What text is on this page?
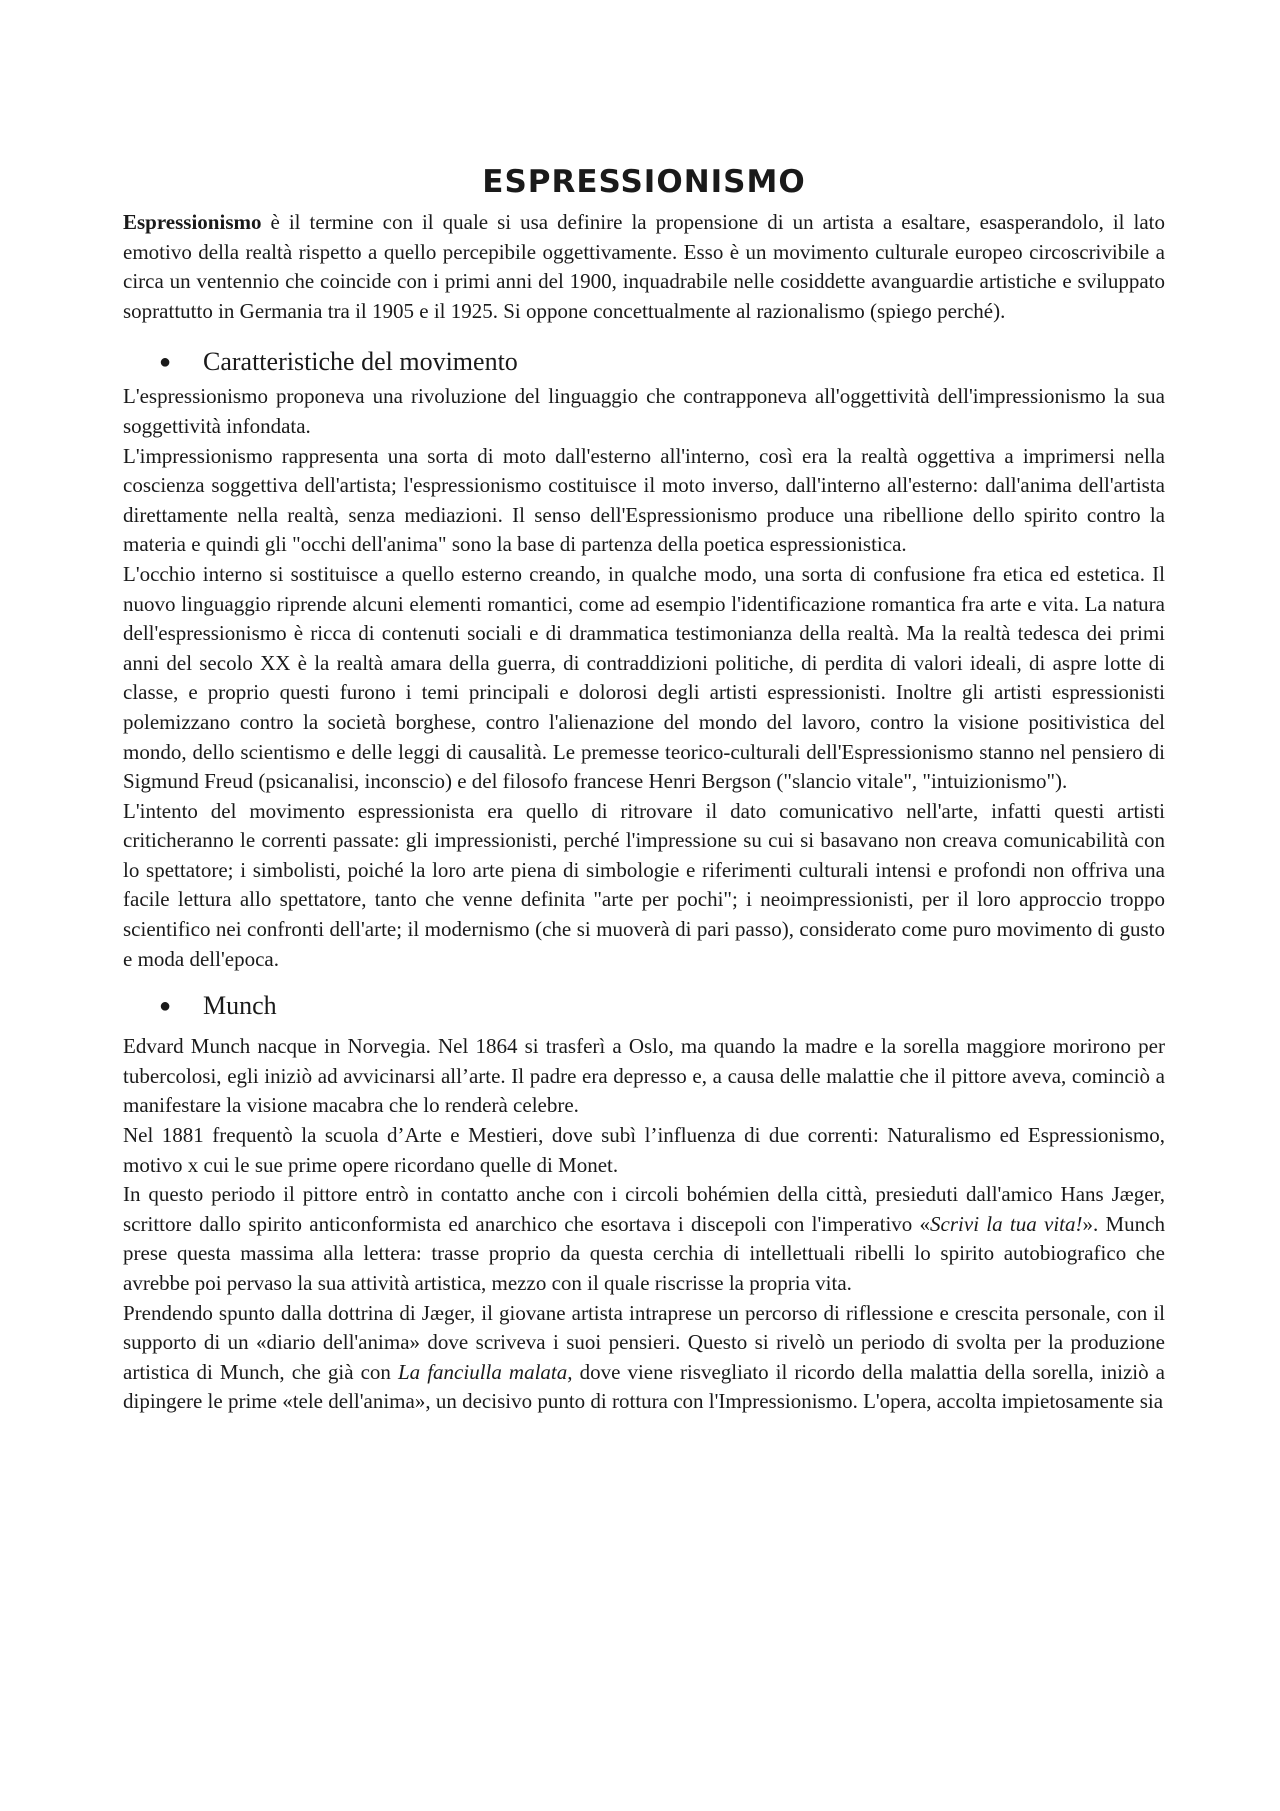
ESPRESSIONISMO

Espressionismo è il termine con il quale si usa definire la propensione di un artista a esaltare, esasperandolo, il lato emotivo della realtà rispetto a quello percepibile oggettivamente. Esso è un movimento culturale europeo circoscrivibile a circa un ventennio che coincide con i primi anni del 1900, inquadrabile nelle cosiddette avanguardie artistiche e sviluppato soprattutto in Germania tra il 1905 e il 1925. Si oppone concettualmente al razionalismo (spiego perché).

● Caratteristiche del movimento

L'espressionismo proponeva una rivoluzione del linguaggio che contrapponeva all'oggettività dell'impressionismo la sua soggettività infondata.

L'impressionismo rappresenta una sorta di moto dall'esterno all'interno, così era la realtà oggettiva a imprimersi nella coscienza soggettiva dell'artista; l'espressionismo costituisce il moto inverso, dall'interno all'esterno: dall'anima dell'artista direttamente nella realtà, senza mediazioni. Il senso dell'Espressionismo produce una ribellione dello spirito contro la materia e quindi gli "occhi dell'anima" sono la base di partenza della poetica espressionistica.

L'occhio interno si sostituisce a quello esterno creando, in qualche modo, una sorta di confusione fra etica ed estetica. Il nuovo linguaggio riprende alcuni elementi romantici, come ad esempio l'identificazione romantica fra arte e vita. La natura dell'espressionismo è ricca di contenuti sociali e di drammatica testimonianza della realtà. Ma la realtà tedesca dei primi anni del secolo XX è la realtà amara della guerra, di contraddizioni politiche, di perdita di valori ideali, di aspre lotte di classe, e proprio questi furono i temi principali e dolorosi degli artisti espressionisti. Inoltre gli artisti espressionisti polemizzano contro la società borghese, contro l'alienazione del mondo del lavoro, contro la visione positivistica del mondo, dello scientismo e delle leggi di causalità. Le premesse teorico-culturali dell'Espressionismo stanno nel pensiero di Sigmund Freud (psicanalisi, inconscio) e del filosofo francese Henri Bergson ("slancio vitale", "intuizionismo").

L'intento del movimento espressionista era quello di ritrovare il dato comunicativo nell'arte, infatti questi artisti criticheranno le correnti passate: gli impressionisti, perché l'impressione su cui si basavano non creava comunicabilità con lo spettatore; i simbolisti, poiché la loro arte piena di simbologie e riferimenti culturali intensi e profondi non offriva una facile lettura allo spettatore, tanto che venne definita "arte per pochi"; i neoimpressionisti, per il loro approccio troppo scientifico nei confronti dell'arte; il modernismo (che si muoverà di pari passo), considerato come puro movimento di gusto e moda dell'epoca.

● Munch

Edvard Munch nacque in Norvegia. Nel 1864 si trasferì a Oslo, ma quando la madre e la sorella maggiore morirono per tubercolosi, egli iniziò ad avvicinarsi all’arte. Il padre era depresso e, a causa delle malattie che il pittore aveva, cominciò a manifestare la visione macabra che lo renderà celebre.

Nel 1881 frequentò la scuola d’Arte e Mestieri, dove subì l’influenza di due correnti: Naturalismo ed Espressionismo, motivo x cui le sue prime opere ricordano quelle di Monet.

In questo periodo il pittore entrò in contatto anche con i circoli bohémien della città, presieduti dall'amico Hans Jæger, scrittore dallo spirito anticonformista ed anarchico che esortava i discepoli con l'imperativo «Scrivi la tua vita!». Munch prese questa massima alla lettera: trasse proprio da questa cerchia di intellettuali ribelli lo spirito autobiografico che avrebbe poi pervaso la sua attività artistica, mezzo con il quale riscrisse la propria vita.

Prendendo spunto dalla dottrina di Jæger, il giovane artista intraprese un percorso di riflessione e crescita personale, con il supporto di un «diario dell'anima» dove scriveva i suoi pensieri. Questo si rivelò un periodo di svolta per la produzione artistica di Munch, che già con La fanciulla malata, dove viene risvegliato il ricordo della malattia della sorella, iniziò a dipingere le prime «tele dell'anima», un decisivo punto di rottura con l'Impressionismo. L'opera, accolta impietosamente sia
